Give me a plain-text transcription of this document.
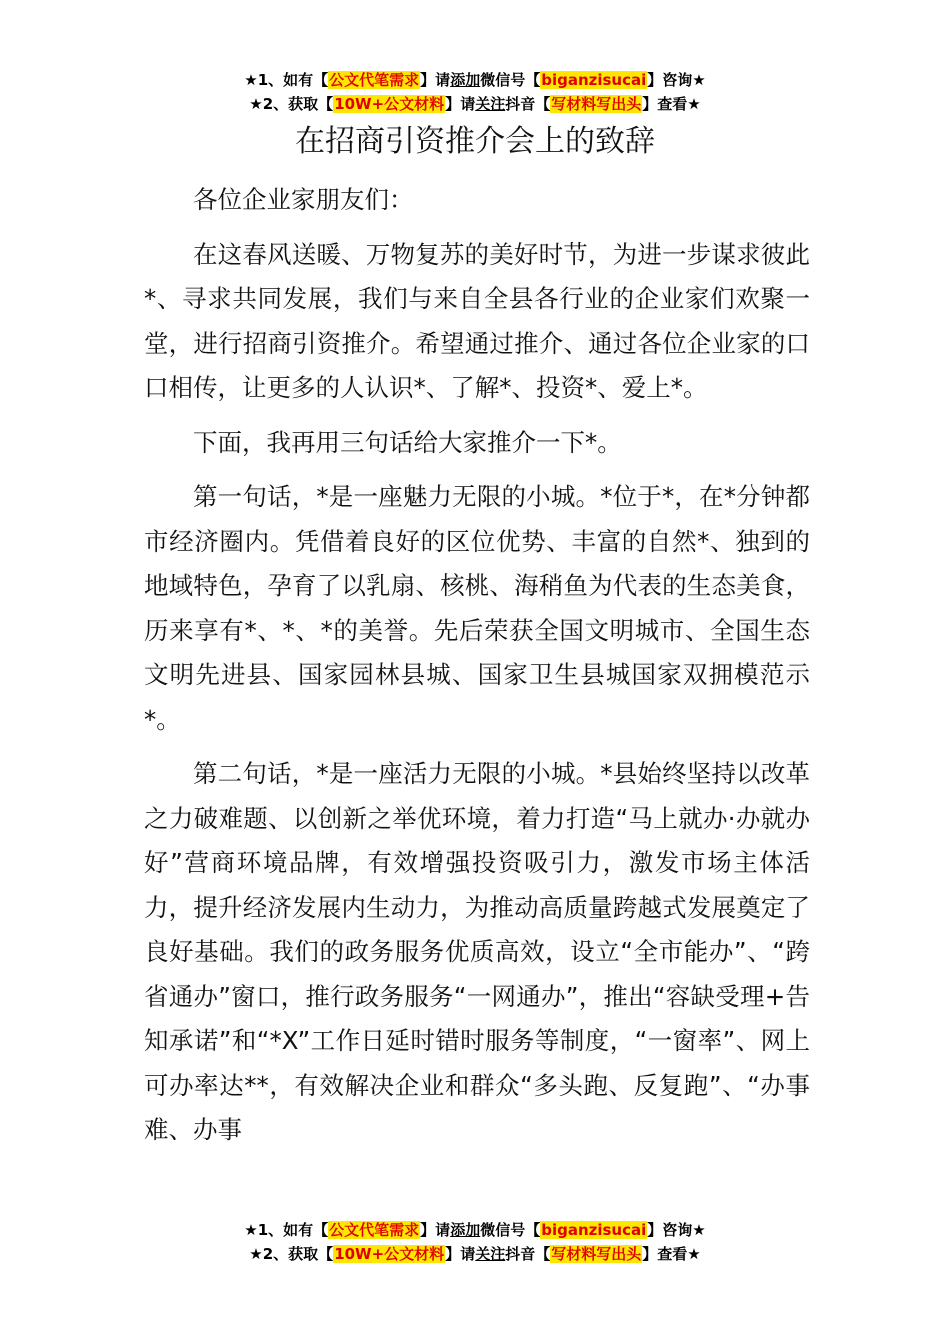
★1、如有【公文代笔需求】请添加微信号【biganzisucai】咨询★
★2、获取【10W+公文材料】请关注抖音【写材料写出头】查看★
在招商引资推介会上的致辞

各位企业家朋友们：

在这春风送暖、万物复苏的美好时节，为进一步谋求彼此*、寻求共同发展，我们与来自全县各行业的企业家们欢聚一堂，进行招商引资推介。希望通过推介、通过各位企业家的口口相传，让更多的人认识*、了解*、投资*、爱上*。

下面，我再用三句话给大家推介一下*。

第一句话，*是一座魅力无限的小城。*位于*，在*分钟都市经济圈内。凭借着良好的区位优势、丰富的自然*、独到的地域特色，孕育了以乳扇、核桃、海稍鱼为代表的生态美食，历来享有*、*、*的美誉。先后荣获全国文明城市、全国生态文明先进县、国家园林县城、国家卫生县城国家双拥模范示*。

第二句话，*是一座活力无限的小城。*县始终坚持以改革之力破难题、以创新之举优环境，着力打造“马上就办·办就办好”营商环境品牌，有效增强投资吸引力，激发市场主体活力，提升经济发展内生动力，为推动高质量跨越式发展奠定了良好基础。我们的政务服务优质高效，设立“全市能办”、“跨省通办”窗口，推行政务服务“一网通办”，推出“容缺受理+告知承诺”和“*X”工作日延时错时服务等制度，“一窗率”、网上可办率达**，有效解决企业和群众“多头跑、反复跑”、“办事难、办事

★1、如有【公文代笔需求】请添加微信号【biganzisucai】咨询★
★2、获取【10W+公文材料】请关注抖音【写材料写出头】查看★
